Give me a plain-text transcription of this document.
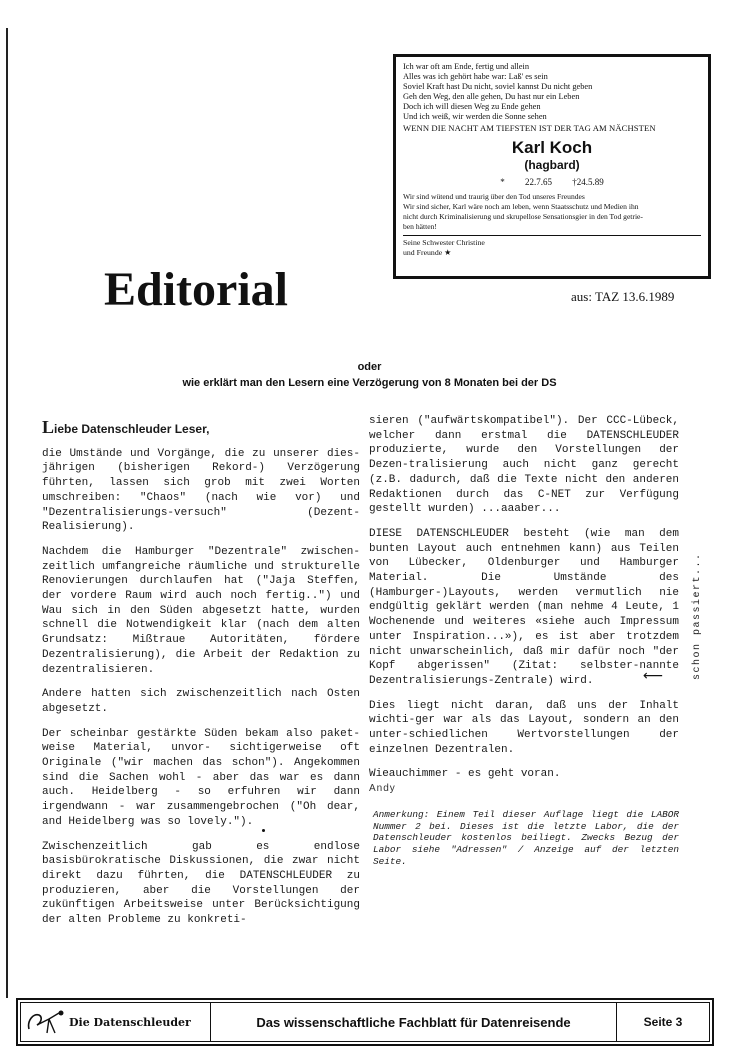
Ich war oft am Ende, fertig und allein
Alles was ich gehört habe war: Laß' es sein
Soviel Kraft hast Du nicht, soviel kannst Du nicht geben
Geh den Weg, den alle gehen, Du hast nur ein Leben
Doch ich will diesen Weg zu Ende gehen
Und ich weiß, wir werden die Sonne sehen
WENN DIE NACHT AM TIEFSTEN IST DER TAG AM NÄCHSTEN
Karl Koch
(hagbard)
* 22.7.65 †24.5.89
Wir sind wütend und traurig über den Tod unseres Freundes
Wir sind sicher, Karl wäre noch am leben, wenn Staatsschutz und Medien ihn
nicht durch Kriminalisierung und skrupellose Sensationsgier in den Tod getrie-
ben hätten!
Seine Schwester Christine
und Freunde ★
Editorial	aus: TAZ 13.6.1989
oder
wie erklärt man den Lesern eine Verzögerung von 8 Monaten bei der DS

Liebe Datenschleuder Leser,

die Umstände und Vorgänge, die zu unserer dies-jährigen (bisherigen Rekord-) Verzögerung führten, lassen sich grob mit zwei Worten umschreiben: "Chaos" (nach wie vor) und "Dezentralisierungs-versuch" (Dezent-Realisierung).

Nachdem die Hamburger "Dezentrale" zwischen-zeitlich umfangreiche räumliche und strukturelle Renovierungen durchlaufen hat ("Jaja Steffen, der vordere Raum wird auch noch fertig..") und Wau sich in den Süden abgesetzt hatte, wurden schnell die Notwendigkeit klar (nach dem alten Grundsatz: Mißtraue Autoritäten, fördere Dezentralisierung), die Arbeit der Redaktion zu dezentralisieren.

Andere hatten sich zwischenzeitlich nach Osten abgesetzt.

Der scheinbar gestärkte Süden bekam also paket-weise Material, unvor- sichtigerweise oft Originale ("wir machen das schon"). Angekommen sind die Sachen wohl - aber das war es dann auch. Heidelberg - so erfuhren wir dann irgendwann - war zusammengebrochen ("Oh dear, and Heidelberg was so lovely.").

Zwischenzeitlich gab es endlose basisbürokratische Diskussionen, die zwar nicht direkt dazu führten, die DATENSCHLEUDER zu produzieren, aber die Vorstellungen der zukünftigen Arbeitsweise unter Berücksichtigung der alten Probleme zu konkreti-

sieren ("aufwärtskompatibel"). Der CCC-Lübeck, welcher dann erstmal die DATENSCHLEUDER produzierte, wurde den Vorstellungen der Dezen-tralisierung auch nicht ganz gerecht (z.B. dadurch, daß die Texte nicht den anderen Redaktionen durch das C-NET zur Verfügung gestellt wurden) ...aaaber...

DIESE DATENSCHLEUDER besteht (wie man dem bunten Layout auch entnehmen kann) aus Teilen von Lübecker, Oldenburger und Hamburger Material. Die Umstände des (Hamburger-)Layouts, werden vermutlich nie endgültig geklärt werden (man nehme 4 Leute, 1 Wochenende und weiteres «siehe auch Impressum unter Inspiration...»), es ist aber trotzdem nicht unwarscheinlich, daß mir dafür noch "der Kopf abgerissen" (Zitat: selbster-nannte Dezentralisierungs-Zentrale) wird.

Dies liegt nicht daran, daß uns der Inhalt wichti-ger war als das Layout, sondern an den unter-schiedlichen Wertvorstellungen der einzelnen Dezentralen.

Wieauchimmer - es geht voran.

Andy

Anmerkung: Einem Teil dieser Auflage liegt die LABOR Nummer 2 bei. Dieses ist die letzte Labor, die der Datenschleuder kostenlos beiliegt. Zwecks Bezug der Labor siehe "Adressen" / Anzeige auf der letzten Seite.

schon passiert...
⟵
Die Datenschleuder	Das wissenschaftliche Fachblatt für Datenreisende	Seite 3
